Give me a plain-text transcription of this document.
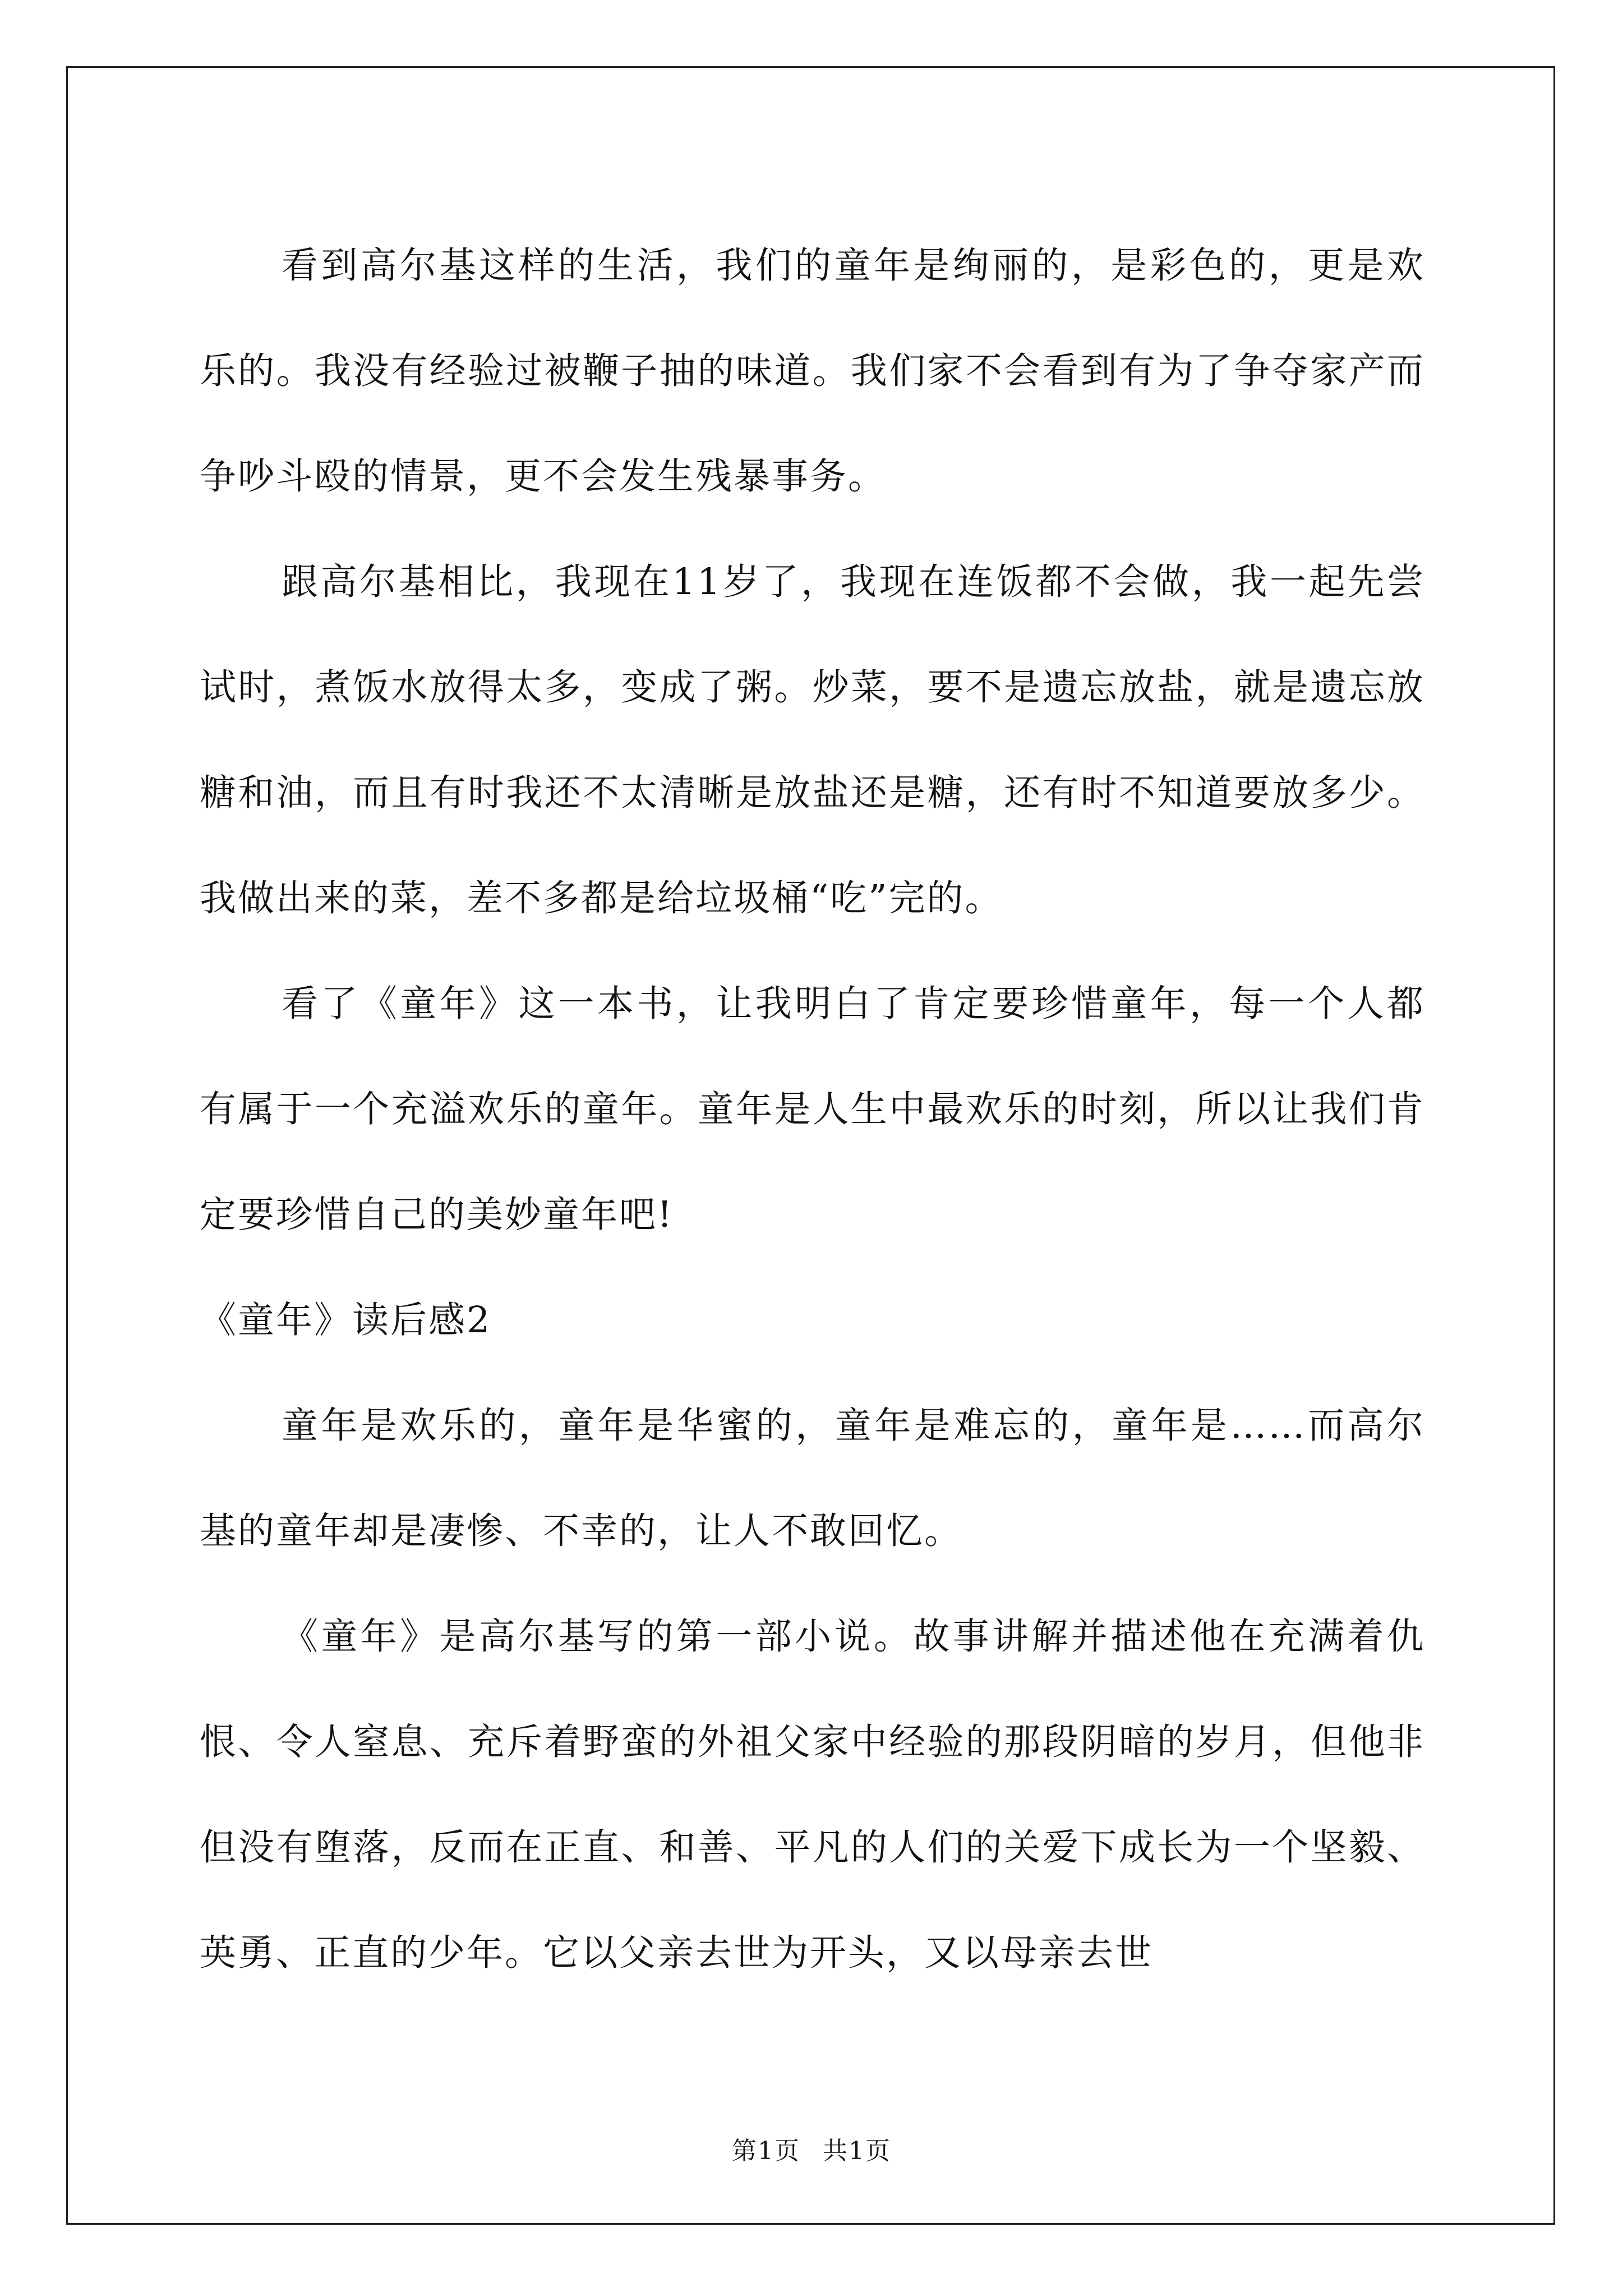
看到高尔基这样的生活，我们的童年是绚丽的，是彩色的，更是欢乐的。我没有经验过被鞭子抽的味道。我们家不会看到有为了争夺家产而争吵斗殴的情景，更不会发生残暴事务。

跟高尔基相比，我现在11岁了，我现在连饭都不会做，我一起先尝试时，煮饭水放得太多，变成了粥。炒菜，要不是遗忘放盐，就是遗忘放糖和油，而且有时我还不太清晰是放盐还是糖，还有时不知道要放多少。我做出来的菜，差不多都是给垃圾桶“吃”完的。

看了《童年》这一本书，让我明白了肯定要珍惜童年，每一个人都有属于一个充溢欢乐的童年。童年是人生中最欢乐的时刻，所以让我们肯定要珍惜自己的美妙童年吧!

《童年》读后感2

童年是欢乐的，童年是华蜜的，童年是难忘的，童年是……而高尔基的童年却是凄惨、不幸的，让人不敢回忆。

《童年》是高尔基写的第一部小说。故事讲解并描述他在充满着仇恨、令人窒息、充斥着野蛮的外祖父家中经验的那段阴暗的岁月，但他非但没有堕落，反而在正直、和善、平凡的人们的关爱下成长为一个坚毅、英勇、正直的少年。它以父亲去世为开头，又以母亲去世

第1页 共1页
